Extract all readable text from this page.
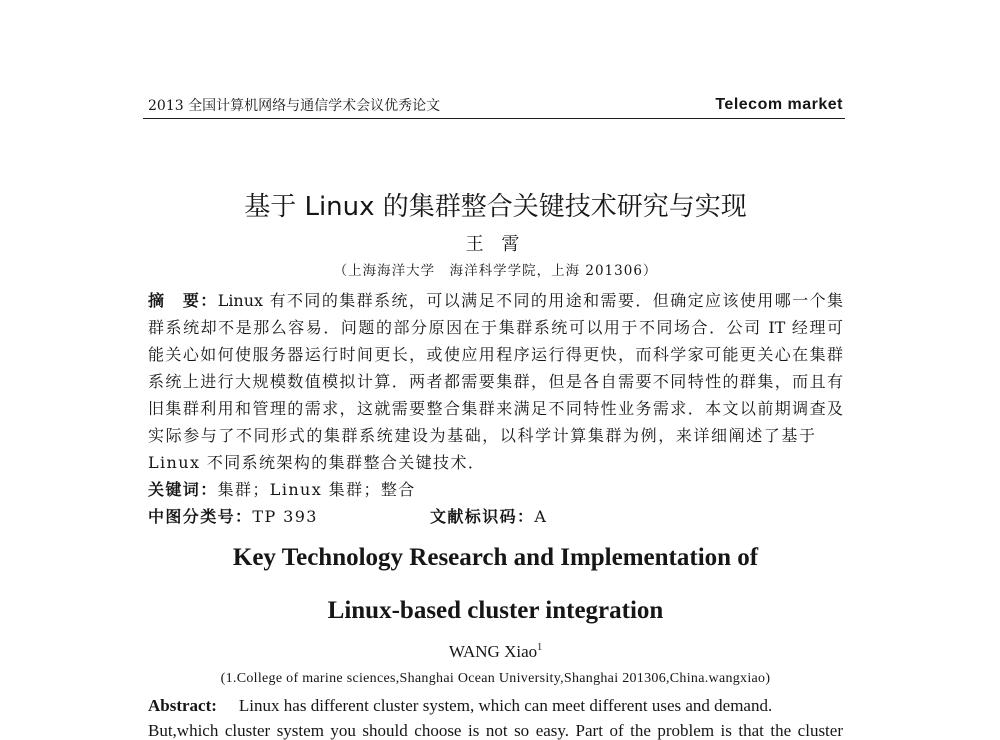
2013 全国计算机网络与通信学术会议优秀论文	Telecom market
基于 Linux 的集群整合关键技术研究与实现
王 霄
（上海海洋大学　海洋科学学院，上海 201306）
摘　要：Linux 有不同的集群系统，可以满足不同的用途和需要．但确定应该使用哪一个集
群系统却不是那么容易．问题的部分原因在于集群系统可以用于不同场合．公司 IT 经理可
能关心如何使服务器运行时间更长，或使应用程序运行得更快，而科学家可能更关心在集群
系统上进行大规模数值模拟计算．两者都需要集群，但是各自需要不同特性的群集，而且有
旧集群利用和管理的需求，这就需要整合集群来满足不同特性业务需求．本文以前期调查及
实际参与了不同形式的集群系统建设为基础，以科学计算集群为例，来详细阐述了基于
Linux 不同系统架构的集群整合关键技术．
关键词：集群；Linux 集群；整合
中图分类号：TP 393	文献标识码：A
Key Technology Research and Implementation of
Linux-based cluster integration
WANG Xiao$^1$
(1.College of marine sciences,Shanghai Ocean University,Shanghai 201306,China.wangxiao)
Abstract: Linux has different cluster system, which can meet different uses and demand.
But,which cluster system you should choose is not so easy. Part of the problem is that the cluster
